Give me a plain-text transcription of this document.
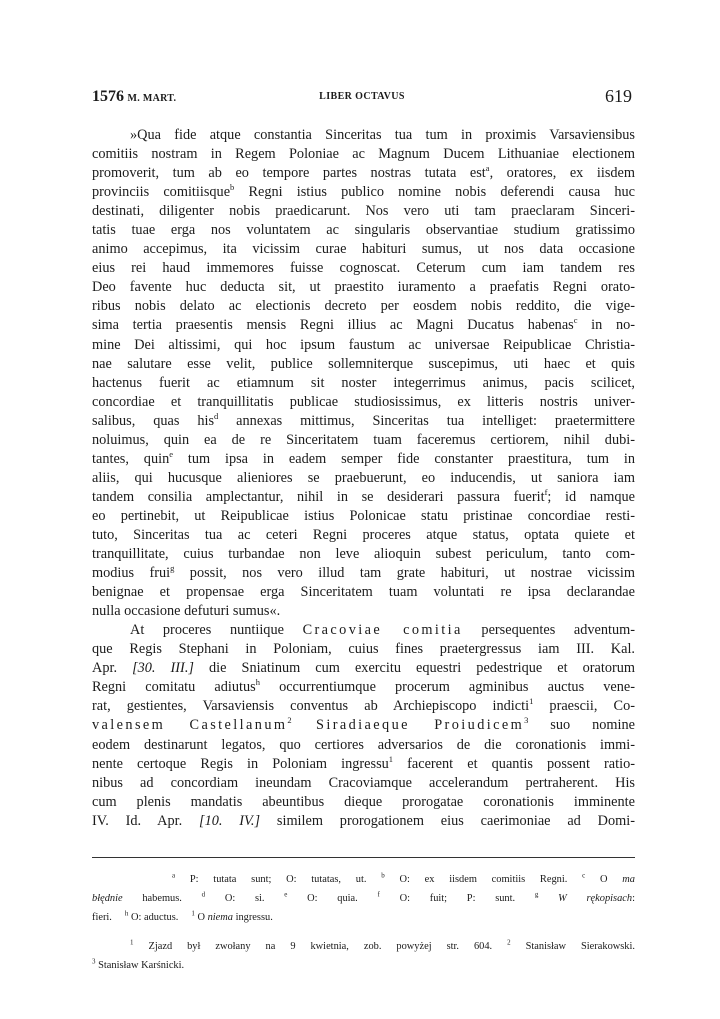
1576 M. MART.	LIBER OCTAVUS	619
»Qua fide atque constantia Sinceritas tua tum in proximis Varsaviensibus
comitiis nostram in Regem Poloniae ac Magnum Ducem Lithuaniae electionem
promoverit, tum ab eo tempore partes nostras tutata est$^a$, oratores, ex iisdem
provinciis comitiisque$^b$ Regni istius publico nomine nobis deferendi causa huc
destinati, diligenter nobis praedicarunt. Nos vero uti tam praeclaram Sinceri-
tatis tuae erga nos voluntatem ac singularis observantiae studium gratissimo
animo accepimus, ita vicissim curae habituri sumus, ut nos data occasione
eius rei haud immemores fuisse cognoscat. Ceterum cum iam tandem res
Deo favente huc deducta sit, ut praestito iuramento a praefatis Regni orato-
ribus nobis delato ac electionis decreto per eosdem nobis reddito, die vige-
sima tertia praesentis mensis Regni illius ac Magni Ducatus habenas$^c$ in no-
mine Dei altissimi, qui hoc ipsum faustum ac universae Reipublicae Christia-
nae salutare esse velit, publice sollemniterque suscepimus, uti haec et quis
hactenus fuerit ac etiamnum sit noster integerrimus animus, pacis scilicet,
concordiae et tranquillitatis publicae studiosissimus, ex litteris nostris univer-
salibus, quas his$^d$ annexas mittimus, Sinceritas tua intelliget: praetermittere
noluimus, quin ea de re Sinceritatem tuam faceremus certiorem, nihil dubi-
tantes, quin$^e$ tum ipsa in eadem semper fide constanter praestitura, tum in
aliis, qui hucusque alieniores se praebuerunt, eo inducendis, ut saniora iam
tandem consilia amplectantur, nihil in se desiderari passura fuerit$^f$; id namque
eo pertinebit, ut Reipublicae istius Polonicae statu pristinae concordiae resti-
tuto, Sinceritas tua ac ceteri Regni proceres atque status, optata quiete et
tranquillitate, cuius turbandae non leve alioquin subest periculum, tanto com-
modius frui$^g$ possit, nos vero illud tam grate habituri, ut nostrae vicissim
benignae et propensae erga Sinceritatem tuam voluntati re ipsa declarandae
nulla occasione defuturi sumus«.
At proceres nuntiique Cracoviae comitia persequentes adventum-
que Regis Stephani in Poloniam, cuius fines praetergressus iam III. Kal.
Apr. [30. III.] die Sniatinum cum exercitu equestri pedestrique et oratorum
Regni comitatu adiutus$^h$ occurrentiumque procerum agminibus auctus vene-
rat, gestientes, Varsaviensis conventus ab Archiepiscopo indicti$^1$ praescii, Co-
valensem Castellanum$^2$ Siradiaeque Proiudicem$^3$ suo nomine
eodem destinarunt legatos, quo certiores adversarios de die coronationis immi-
nente certoque Regis in Poloniam ingressu$^1$ facerent et quantis possent ratio-
nibus ad concordiam ineundam Cracoviamque accelerandum pertraherent. His
cum plenis mandatis abeuntibus dieque prorogatae coronationis imminente
IV. Id. Apr. [10. IV.] similem prorogationem eius caerimoniae ad Domi-
$^a$ P: tutata sunt; O: tutatas, ut. $^b$ O: ex iisdem comitiis Regni. $^c$ O ma
błędnie habemus.	$^d$ O: si.	$^e$ O: quia.	$^f$ O: fuit; P: sunt.	$^g$ W rękopisach:
fieri. $^h$ O: aductus. $^1$ O niema ingressu.
$^1$ Zjazd był zwołany na 9 kwietnia, zob. powyżej str. 604. $^2$ Stanisław Sierakowski.
$^3$ Stanisław Karśnicki.
